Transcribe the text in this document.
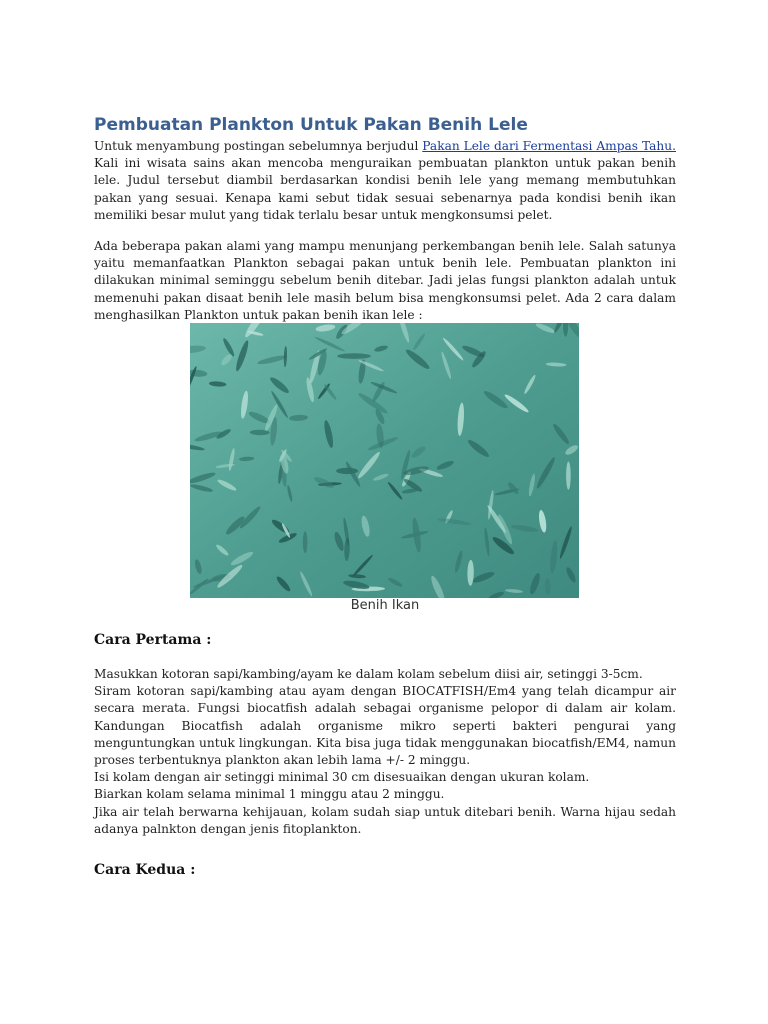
Pembuatan Plankton Untuk Pakan Benih Lele

Untuk menyambung postingan sebelumnya berjudul Pakan Lele dari Fermentasi Ampas Tahu. Kali ini wisata sains akan mencoba menguraikan pembuatan plankton untuk pakan benih lele. Judul tersebut diambil berdasarkan kondisi benih lele yang memang membutuhkan pakan yang sesuai. Kenapa kami sebut tidak sesuai sebenarnya pada kondisi benih ikan memiliki besar mulut yang tidak terlalu besar untuk mengkonsumsi pelet.

Ada beberapa pakan alami yang mampu menunjang perkembangan benih lele. Salah satunya yaitu memanfaatkan Plankton sebagai pakan untuk benih lele. Pembuatan plankton ini dilakukan minimal seminggu sebelum benih ditebar. Jadi jelas fungsi plankton adalah untuk memenuhi pakan disaat benih lele masih belum bisa mengkonsumsi pelet. Ada 2 cara dalam menghasilkan Plankton untuk pakan benih ikan lele :

Benih Ikan
Cara Pertama :

Masukkan kotoran sapi/kambing/ayam ke dalam kolam sebelum diisi air, setinggi 3-5cm.

Siram kotoran sapi/kambing atau ayam dengan BIOCATFISH/Em4 yang telah dicampur air secara merata. Fungsi biocatfish adalah sebagai organisme pelopor di dalam air kolam. Kandungan Biocatfish adalah organisme mikro seperti bakteri pengurai yang menguntungkan untuk lingkungan. Kita bisa juga tidak menggunakan biocatfish/EM4, namun proses terbentuknya plankton akan lebih lama +/- 2 minggu.

Isi kolam dengan air setinggi minimal 30 cm disesuaikan dengan ukuran kolam.

Biarkan kolam selama minimal 1 minggu atau 2 minggu.

Jika air telah berwarna kehijauan, kolam sudah siap untuk ditebari benih. Warna hijau sedah adanya palnkton dengan jenis fitoplankton.

Cara Kedua :
